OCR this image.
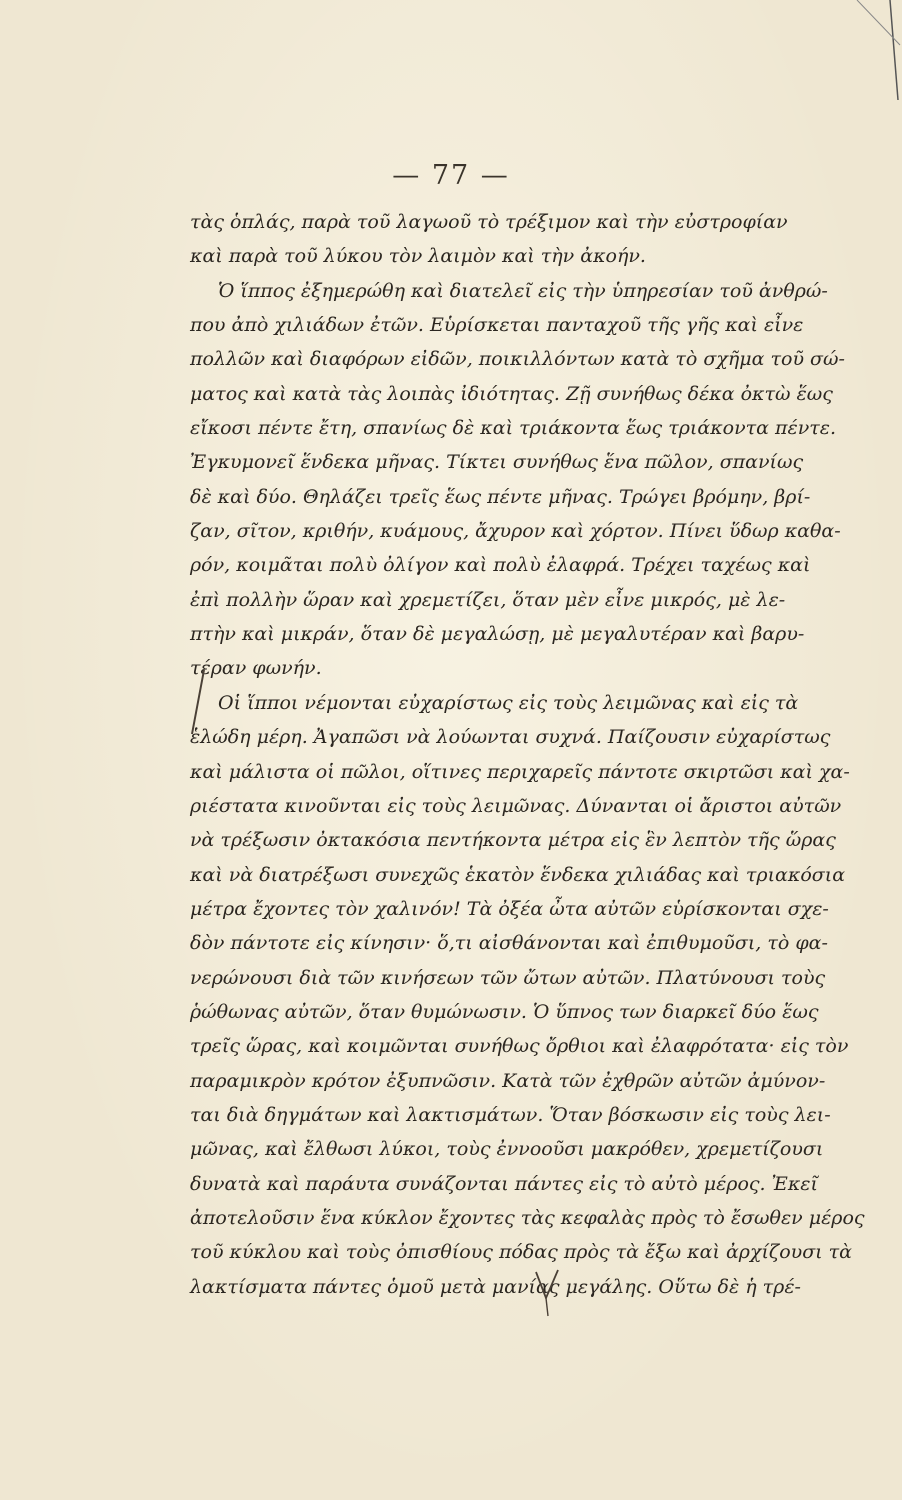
— 77 —
τὰς ὁπλάς, παρὰ τοῦ λαγωοῦ τὸ τρέξιμον καὶ τὴν εὐστροφίαν
καὶ παρὰ τοῦ λύκου τὸν λαιμὸν καὶ τὴν ἀκοήν.
Ὁ ἵππος ἐξημερώθη καὶ διατελεῖ εἰς τὴν ὑπηρεσίαν τοῦ ἀνθρώ-
που ἀπὸ χιλιάδων ἐτῶν. Εὑρίσκεται πανταχοῦ τῆς γῆς καὶ εἶνε
πολλῶν καὶ διαφόρων εἰδῶν, ποικιλλόντων κατὰ τὸ σχῆμα τοῦ σώ-
ματος καὶ κατὰ τὰς λοιπὰς ἰδιότητας. Ζῇ συνήθως δέκα ὀκτὼ ἕως
εἴκοσι πέντε ἔτη, σπανίως δὲ καὶ τριάκοντα ἕως τριάκοντα πέντε.
Ἐγκυμονεῖ ἕνδεκα μῆνας. Τίκτει συνήθως ἕνα πῶλον, σπανίως
δὲ καὶ δύο. Θηλάζει τρεῖς ἕως πέντε μῆνας. Τρώγει βρόμην, βρί-
ζαν, σῖτον, κριθήν, κυάμους, ἄχυρον καὶ χόρτον. Πίνει ὕδωρ καθα-
ρόν, κοιμᾶται πολὺ ὀλίγον καὶ πολὺ ἐλαφρά. Τρέχει ταχέως καὶ
ἐπὶ πολλὴν ὥραν καὶ χρεμετίζει, ὅταν μὲν εἶνε μικρός, μὲ λε-
πτὴν καὶ μικράν, ὅταν δὲ μεγαλώσῃ, μὲ μεγαλυτέραν καὶ βαρυ-
τέραν φωνήν.
Οἱ ἵπποι νέμονται εὐχαρίστως εἰς τοὺς λειμῶνας καὶ εἰς τὰ
ἑλώδη μέρη. Ἀγαπῶσι νὰ λούωνται συχνά. Παίζουσιν εὐχαρίστως
καὶ μάλιστα οἱ πῶλοι, οἵτινες περιχαρεῖς πάντοτε σκιρτῶσι καὶ χα-
ριέστατα κινοῦνται εἰς τοὺς λειμῶνας. Δύνανται οἱ ἄριστοι αὐτῶν
νὰ τρέξωσιν ὀκτακόσια πεντήκοντα μέτρα εἰς ἓν λεπτὸν τῆς ὥρας
καὶ νὰ διατρέξωσι συνεχῶς ἑκατὸν ἕνδεκα χιλιάδας καὶ τριακόσια
μέτρα ἔχοντες τὸν χαλινόν! Τὰ ὀξέα ὦτα αὐτῶν εὑρίσκονται σχε-
δὸν πάντοτε εἰς κίνησιν· ὅ,τι αἰσθάνονται καὶ ἐπιθυμοῦσι, τὸ φα-
νερώνουσι διὰ τῶν κινήσεων τῶν ὤτων αὐτῶν. Πλατύνουσι τοὺς
ῥώθωνας αὐτῶν, ὅταν θυμώνωσιν. Ὁ ὕπνος των διαρκεῖ δύο ἕως
τρεῖς ὥρας, καὶ κοιμῶνται συνήθως ὄρθιοι καὶ ἐλαφρότατα· εἰς τὸν
παραμικρὸν κρότον ἐξυπνῶσιν. Κατὰ τῶν ἐχθρῶν αὐτῶν ἀμύνον-
ται διὰ δηγμάτων καὶ λακτισμάτων. Ὅταν βόσκωσιν εἰς τοὺς λει-
μῶνας, καὶ ἔλθωσι λύκοι, τοὺς ἐννοοῦσι μακρόθεν, χρεμετίζουσι
δυνατὰ καὶ παράυτα συνάζονται πάντες εἰς τὸ αὐτὸ μέρος. Ἐκεῖ
ἀποτελοῦσιν ἕνα κύκλον ἔχοντες τὰς κεφαλὰς πρὸς τὸ ἔσωθεν μέρος
τοῦ κύκλου καὶ τοὺς ὀπισθίους πόδας πρὸς τὰ ἔξω καὶ ἀρχίζουσι τὰ
λακτίσματα πάντες ὁμοῦ μετὰ μανίας μεγάλης. Οὕτω δὲ ἡ τρέ-
